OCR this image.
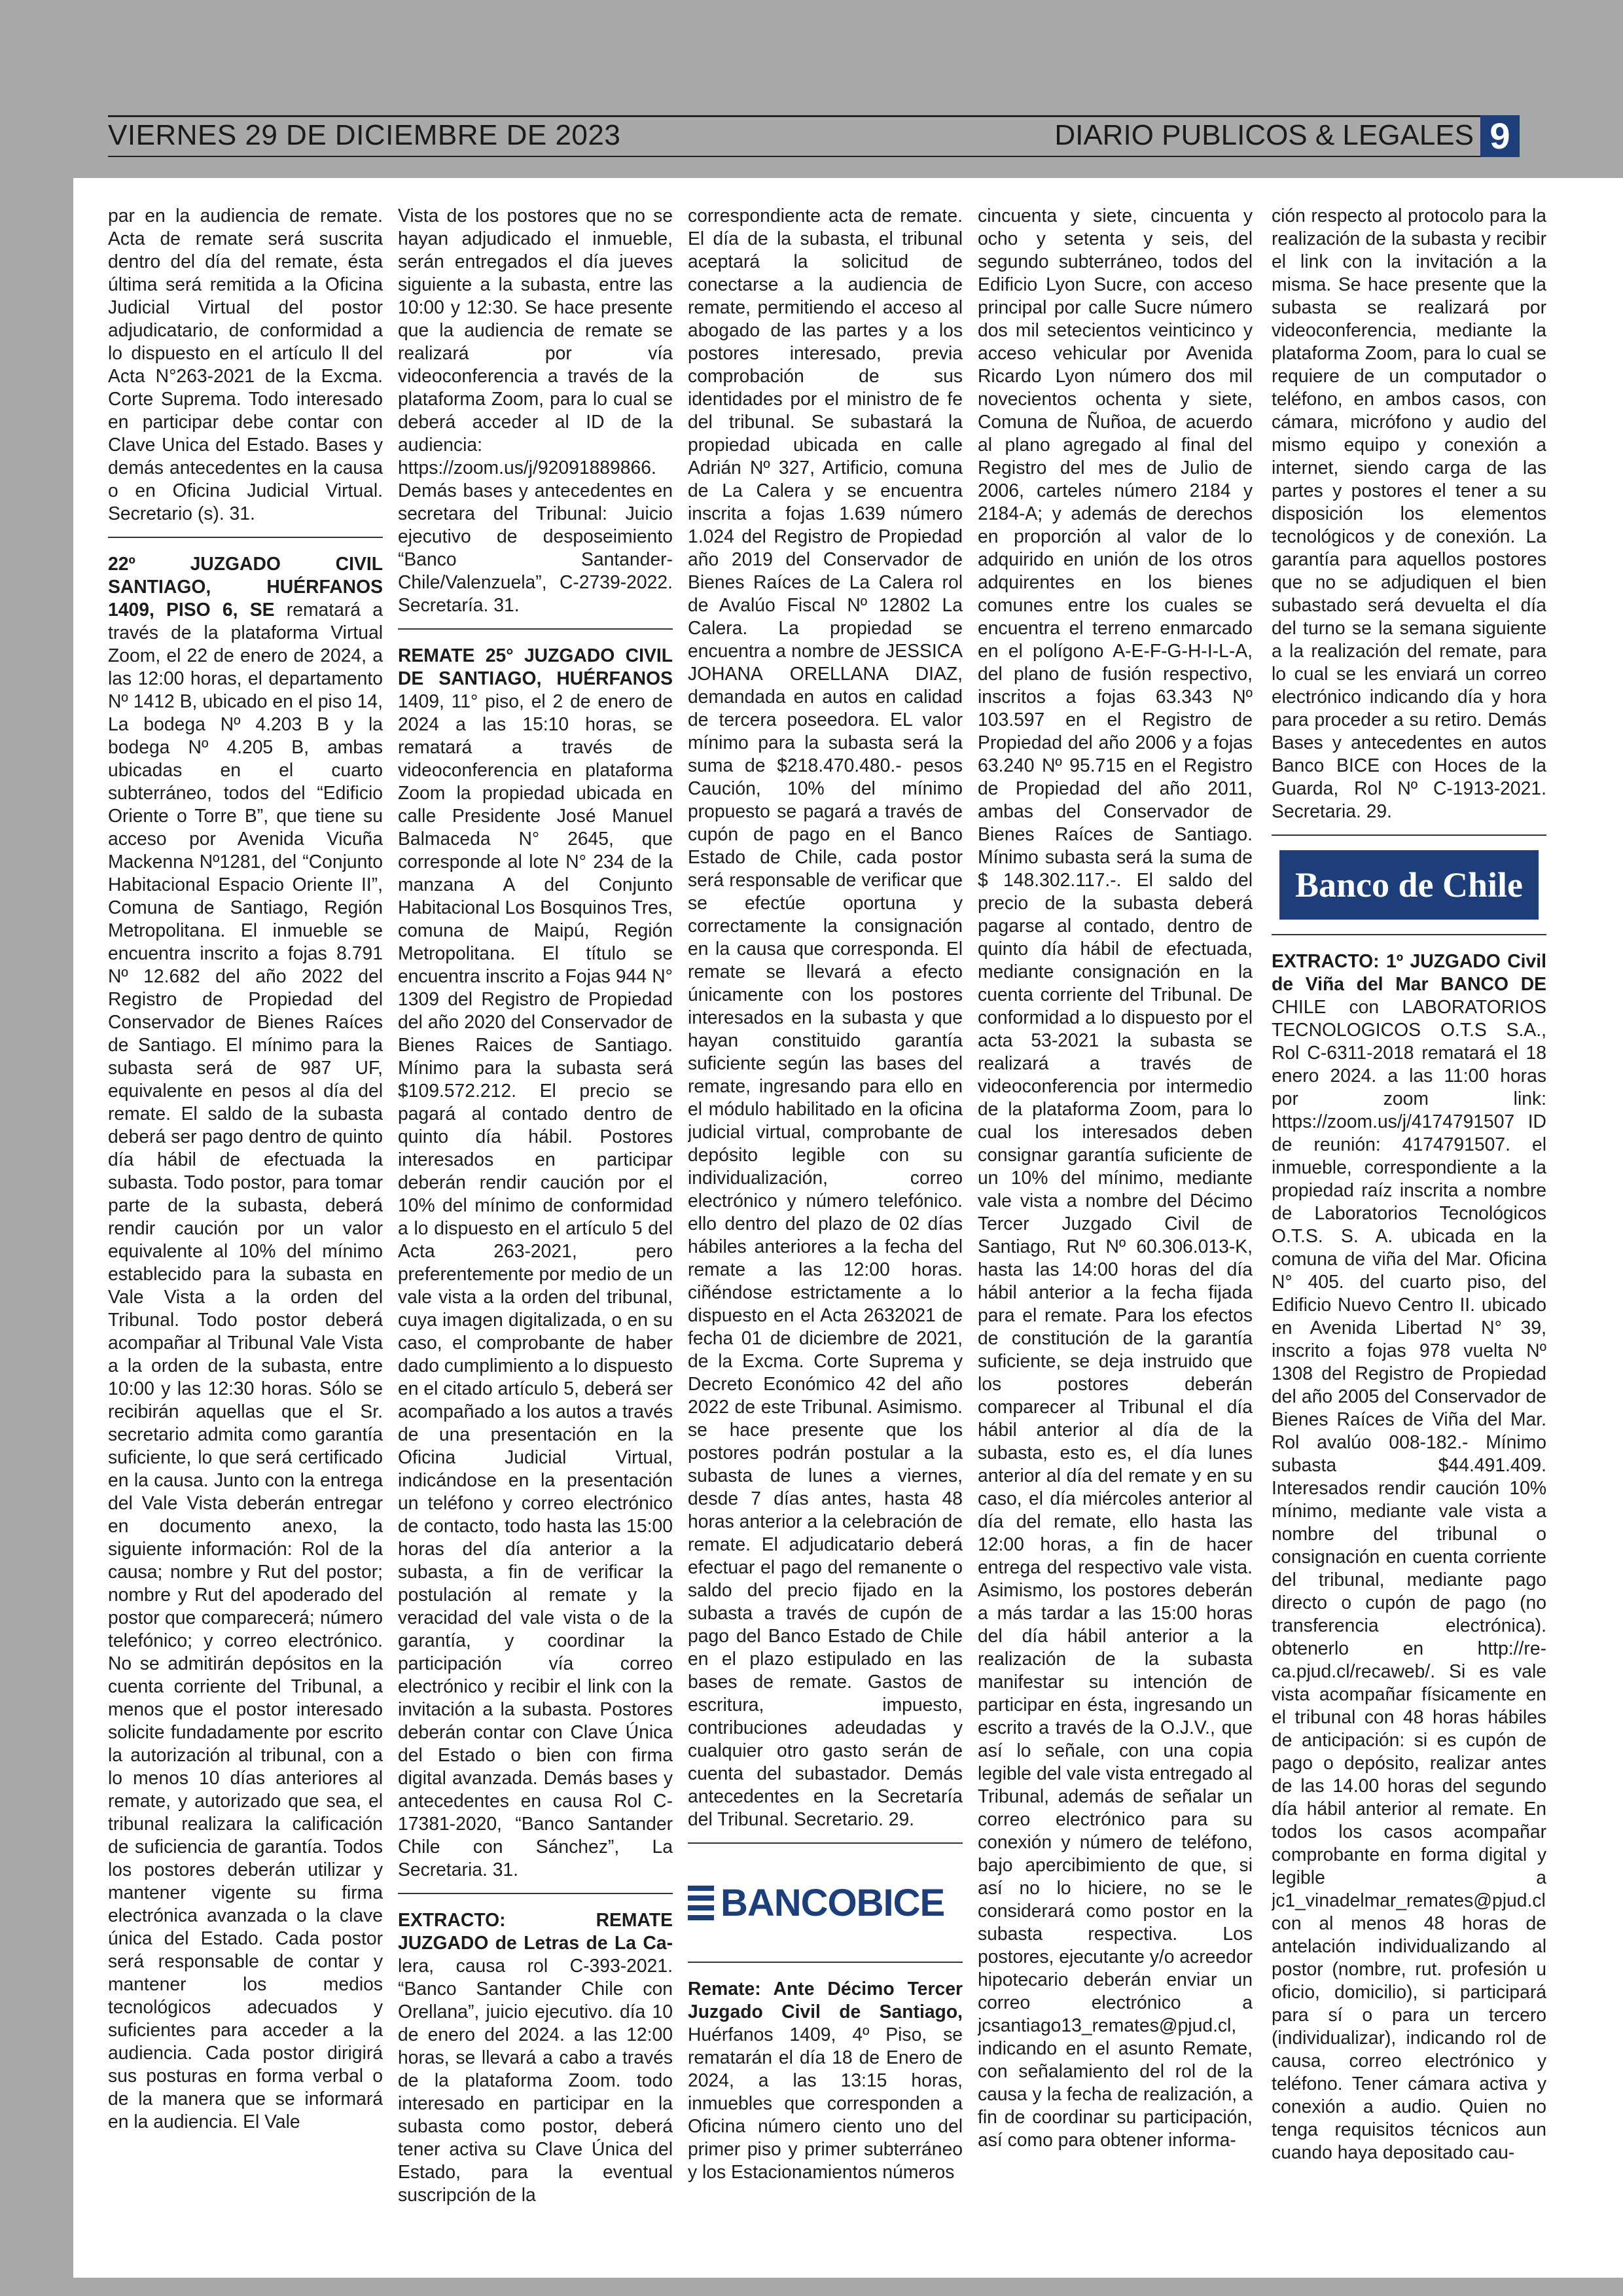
VIERNES 29 DE DICIEMBRE DE 2023	DIARIO PUBLICOS & LEGALES 9

par en la audiencia de remate. Acta de remate será suscrita dentro del día del remate, ésta última será remitida a la Oficina Judicial Virtual del postor adjudicatario, de conformidad a lo dispuesto en el artículo ll del Acta N°263-2021 de la Excma. Corte Suprema. Todo interesado en participar debe contar con Clave Unica del Estado. Bases y demás antecedentes en la causa o en Oficina Judicial Virtual. Secretario (s). 31.

22º JUZGADO CIVIL SANTIAGO, HUÉRFANOS 1409, PISO 6, SE rematará a través de la plataforma Virtual Zoom, el 22 de enero de 2024, a las 12:00 horas, el departamento Nº 1412 B, ubicado en el piso 14, La bodega Nº 4.203 B y la bodega Nº 4.205 B, ambas ubicadas en el cuarto subterráneo, todos del “Edificio Oriente o Torre B”, que tiene su acceso por Avenida Vicuña Mackenna Nº1281, del “Conjunto Habitacional Espacio Oriente II”, Comuna de Santiago, Región Metropolitana. El inmueble se encuentra inscrito a fojas 8.791 Nº 12.682 del año 2022 del Registro de Propiedad del Conservador de Bienes Raíces de Santiago. El mínimo para la subasta será de 987 UF, equivalente en pesos al día del remate. El saldo de la subasta deberá ser pago dentro de quinto día hábil de efectuada la subasta. Todo postor, para tomar parte de la subasta, deberá rendir caución por un valor equivalente al 10% del mínimo establecido para la subasta en Vale Vista a la orden del Tribunal. Todo postor deberá acompañar al Tribunal Vale Vista a la orden de la subasta, entre 10:00 y las 12:30 horas. Sólo se recibirán aquellas que el Sr. secretario admita como garantía suficiente, lo que será certificado en la causa. Junto con la entrega del Vale Vista deberán entregar en documento anexo, la siguiente información: Rol de la causa; nombre y Rut del postor; nombre y Rut del apoderado del postor que comparecerá; número telefónico; y correo electrónico. No se admitirán depósitos en la cuenta corriente del Tribunal, a menos que el postor interesado solicite fundadamente por escrito la autorización al tribunal, con a lo menos 10 días anteriores al remate, y autorizado que sea, el tribunal realizara la calificación de suficiencia de garantía. Todos los postores deberán utilizar y mantener vigente su firma electrónica avanzada o la clave única del Estado. Cada postor será responsable de contar y mantener los medios tecnológicos adecuados y suficientes para acceder a la audiencia. Cada postor dirigirá sus posturas en forma verbal o de la manera que se informará en la audiencia. El Vale

Vista de los postores que no se hayan adjudicado el inmueble, serán entregados el día jueves siguiente a la subasta, entre las 10:00 y 12:30. Se hace presente que la audiencia de remate se realizará por vía videoconferencia a través de la plataforma Zoom, para lo cual se deberá acceder al ID de la audiencia: https://zoom.us/j/92091889866. Demás bases y antecedentes en secretara del Tribunal: Juicio ejecutivo de desposeimiento “Banco Santander-Chile/Valenzuela”, C-2739-2022. Secretaría. 31.

REMATE 25° JUZGADO CIVIL DE SANTIAGO, HUÉRFANOS 1409, 11° piso, el 2 de enero de 2024 a las 15:10 horas, se rematará a través de videoconferencia en plataforma Zoom la propiedad ubicada en calle Presidente José Manuel Balmaceda N° 2645, que corresponde al lote N° 234 de la manzana A del Conjunto Habitacional Los Bosquinos Tres, comuna de Maipú, Región Metropolitana. El título se encuentra inscrito a Fojas 944 N° 1309 del Registro de Propiedad del año 2020 del Conservador de Bienes Raices de Santiago. Mínimo para la subasta será $109.572.212. El precio se pagará al contado dentro de quinto día hábil. Postores interesados en participar deberán rendir caución por el 10% del mínimo de conformidad a lo dispuesto en el artículo 5 del Acta 263-2021, pero preferentemente por medio de un vale vista a la orden del tribunal, cuya imagen digitalizada, o en su caso, el comprobante de haber dado cumplimiento a lo dispuesto en el citado artículo 5, deberá ser acompañado a los autos a través de una presentación en la Oficina Judicial Virtual, indicándose en la presentación un teléfono y correo electrónico de contacto, todo hasta las 15:00 horas del día anterior a la subasta, a fin de verificar la postulación al remate y la veracidad del vale vista o de la garantía, y coordinar la participación vía correo electrónico y recibir el link con la invitación a la subasta. Postores deberán contar con Clave Única del Estado o bien con firma digital avanzada. Demás bases y antecedentes en causa Rol C-17381-2020, “Banco Santander Chile con Sánchez”, La Secretaria. 31.

EXTRACTO: REMATE JUZGADO de Letras de La Ca- lera, causa rol C-393-2021. “Banco Santander Chile con Orellana”, juicio ejecutivo. día 10 de enero del 2024. a las 12:00 horas, se llevará a cabo a través de la plataforma Zoom. todo interesado en participar en la subasta como postor, deberá tener activa su Clave Única del Estado, para la eventual suscripción de la

correspondiente acta de remate. El día de la subasta, el tribunal aceptará la solicitud de conectarse a la audiencia de remate, permitiendo el acceso al abogado de las partes y a los postores interesado, previa comprobación de sus identidades por el ministro de fe del tribunal. Se subastará la propiedad ubicada en calle Adrián Nº 327, Artificio, comuna de La Calera y se encuentra inscrita a fojas 1.639 número 1.024 del Registro de Propiedad año 2019 del Conservador de Bienes Raíces de La Calera rol de Avalúo Fiscal Nº 12802 La Calera. La propiedad se encuentra a nombre de JESSICA JOHANA ORELLANA DIAZ, demandada en autos en calidad de tercera poseedora. EL valor mínimo para la subasta será la suma de $218.470.480.- pesos Caución, 10% del mínimo propuesto se pagará a través de cupón de pago en el Banco Estado de Chile, cada postor será responsable de verificar que se efectúe oportuna y correctamente la consignación en la causa que corresponda. El remate se llevará a efecto únicamente con los postores interesados en la subasta y que hayan constituido garantía suficiente según las bases del remate, ingresando para ello en el módulo habilitado en la oficina judicial virtual, comprobante de depósito legible con su individualización, correo electrónico y número telefónico. ello dentro del plazo de 02 días hábiles anteriores a la fecha del remate a las 12:00 horas. ciñéndose estrictamente a lo dispuesto en el Acta 2632021 de fecha 01 de diciembre de 2021, de la Excma. Corte Suprema y Decreto Económico 42 del año 2022 de este Tribunal. Asimismo. se hace presente que los postores podrán postular a la subasta de lunes a viernes, desde 7 días antes, hasta 48 horas anterior a la celebración de remate. El adjudicatario deberá efectuar el pago del remanente o saldo del precio fijado en la subasta a través de cupón de pago del Banco Estado de Chile en el plazo estipulado en las bases de remate. Gastos de escritura, impuesto, contribuciones adeudadas y cualquier otro gasto serán de cuenta del subastador. Demás antecedentes en la Secretaría del Tribunal. Secretario. 29.

BANCOBICE

Remate: Ante Décimo Tercer Juzgado Civil de Santiago, Huérfanos 1409, 4º Piso, se rematarán el día 18 de Enero de 2024, a las 13:15 horas, inmuebles que corresponden a Oficina número ciento uno del primer piso y primer subterráneo y los Estacionamientos números

cincuenta y siete, cincuenta y ocho y setenta y seis, del segundo subterráneo, todos del Edificio Lyon Sucre, con acceso principal por calle Sucre número dos mil setecientos veinticinco y acceso vehicular por Avenida Ricardo Lyon número dos mil novecientos ochenta y siete, Comuna de Ñuñoa, de acuerdo al plano agregado al final del Registro del mes de Julio de 2006, carteles número 2184 y 2184-A; y además de derechos en proporción al valor de lo adquirido en unión de los otros adquirentes en los bienes comunes entre los cuales se encuentra el terreno enmarcado en el polígono A-E-F-G-H-I-L-A, del plano de fusión respectivo, inscritos a fojas 63.343 Nº 103.597 en el Registro de Propiedad del año 2006 y a fojas 63.240 Nº 95.715 en el Registro de Propiedad del año 2011, ambas del Conservador de Bienes Raíces de Santiago. Mínimo subasta será la suma de $ 148.302.117.-. El saldo del precio de la subasta deberá pagarse al contado, dentro de quinto día hábil de efectuada, mediante consignación en la cuenta corriente del Tribunal. De conformidad a lo dispuesto por el acta 53-2021 la subasta se realizará a través de videoconferencia por intermedio de la plataforma Zoom, para lo cual los interesados deben consignar garantía suficiente de un 10% del mínimo, mediante vale vista a nombre del Décimo Tercer Juzgado Civil de Santiago, Rut Nº 60.306.013-K, hasta las 14:00 horas del día hábil anterior a la fecha fijada para el remate. Para los efectos de constitución de la garantía suficiente, se deja instruido que los postores deberán comparecer al Tribunal el día hábil anterior al día de la subasta, esto es, el día lunes anterior al día del remate y en su caso, el día miércoles anterior al día del remate, ello hasta las 12:00 horas, a fin de hacer entrega del respectivo vale vista. Asimismo, los postores deberán a más tardar a las 15:00 horas del día hábil anterior a la realización de la subasta manifestar su intención de participar en ésta, ingresando un escrito a través de la O.J.V., que así lo señale, con una copia legible del vale vista entregado al Tribunal, además de señalar un correo electrónico para su conexión y número de teléfono, bajo apercibimiento de que, si así no lo hiciere, no se le considerará como postor en la subasta respectiva. Los postores, ejecutante y/o acreedor hipotecario deberán enviar un correo electrónico a jcsantiago13_remates@pjud.cl, indicando en el asunto Remate, con señalamiento del rol de la causa y la fecha de realización, a fin de coordinar su participación, así como para obtener informa-

ción respecto al protocolo para la realización de la subasta y recibir el link con la invitación a la misma. Se hace presente que la subasta se realizará por videoconferencia, mediante la plataforma Zoom, para lo cual se requiere de un computador o teléfono, en ambos casos, con cámara, micrófono y audio del mismo equipo y conexión a internet, siendo carga de las partes y postores el tener a su disposición los elementos tecnológicos y de conexión. La garantía para aquellos postores que no se adjudiquen el bien subastado será devuelta el día del turno se la semana siguiente a la realización del remate, para lo cual se les enviará un correo electrónico indicando día y hora para proceder a su retiro. Demás Bases y antecedentes en autos Banco BICE con Hoces de la Guarda, Rol Nº C-1913-2021. Secretaria. 29.

Banco de Chile

EXTRACTO: 1º JUZGADO Civil de Viña del Mar BANCO DE CHILE con LABORATORIOS TECNOLOGICOS O.T.S S.A., Rol C-6311-2018 rematará el 18 enero 2024. a las 11:00 horas por zoom link: https://zoom.us/j/4174791507 ID de reunión: 4174791507. el inmueble, correspondiente a la propiedad raíz inscrita a nombre de Laboratorios Tecnológicos O.T.S. S. A. ubicada en la comuna de viña del Mar. Oficina N° 405. del cuarto piso, del Edificio Nuevo Centro II. ubicado en Avenida Libertad N° 39, inscrito a fojas 978 vuelta Nº 1308 del Registro de Propiedad del año 2005 del Conservador de Bienes Raíces de Viña del Mar. Rol avalúo 008-182.- Mínimo subasta $44.491.409. Interesados rendir caución 10% mínimo, mediante vale vista a nombre del tribunal o consignación en cuenta corriente del tribunal, mediante pago directo o cupón de pago (no transferencia electrónica). obtenerlo en http://re-ca.pjud.cl/recaweb/. Si es vale vista acompañar físicamente en el tribunal con 48 horas hábiles de anticipación: si es cupón de pago o depósito, realizar antes de las 14.00 horas del segundo día hábil anterior al remate. En todos los casos acompañar comprobante en forma digital y legible a jc1_vinadelmar_remates@pjud.cl con al menos 48 horas de antelación individualizando al postor (nombre, rut. profesión u oficio, domicilio), si participará para sí o para un tercero (individualizar), indicando rol de causa, correo electrónico y teléfono. Tener cámara activa y conexión a audio. Quien no tenga requisitos técnicos aun cuando haya depositado cau-
